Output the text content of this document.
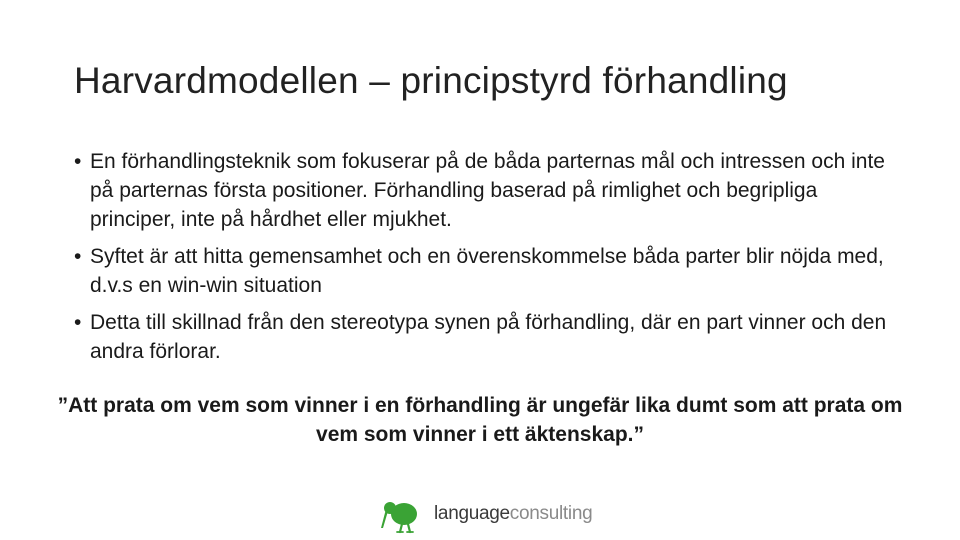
Harvardmodellen – principstyrd förhandling
• En förhandlingsteknik som fokuserar på de båda parternas mål och intressen och inte på parternas första positioner. Förhandling baserad på rimlighet och begripliga principer, inte på hårdhet eller mjukhet.
• Syftet är att hitta gemensamhet och en överenskommelse båda parter blir nöjda med, d.v.s en win-win situation
• Detta till skillnad från den stereotypa synen på förhandling, där en part vinner och den andra förlorar.

”Att prata om vem som vinner i en förhandling är ungefär lika dumt som att prata om vem som vinner i ett äktenskap.”

languageconsulting
